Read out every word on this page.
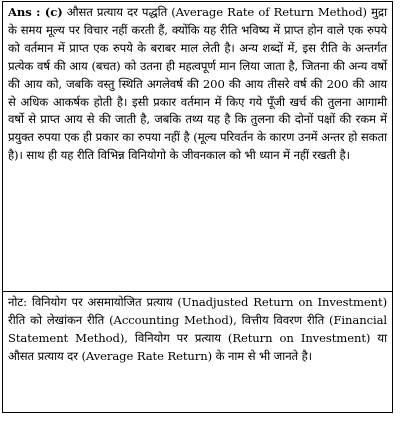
Ans : (c) औसत प्रत्याय दर पद्धति (Average Rate of Return Method) मुद्रा के समय मूल्य पर विचार नहीं करती हैं, क्योंकि यह रीति भविष्य में प्राप्त होन वाले एक रुपये को वर्तमान में प्राप्त एक रुपये के बराबर माल लेती है। अन्य शब्दों में, इस रीति के अन्तर्गत प्रत्येक वर्ष की आय (बचत) को उतना ही महत्वपूर्ण मान लिया जाता है, जितना की अन्य वर्षो की आय को, जबकि वस्तु स्थिति अगलेवर्ष की 200 की आय तीसरे वर्ष की 200 की आय से अधिक आकर्षक होती है। इसी प्रकार वर्तमान में किए गये पूँजी खर्च की तुलना आगामी वर्षो से प्राप्त आय से की जाती है, जबकि तथ्य यह है कि तुलना की दोनों पक्षों की रकम में प्रयुक्त रुपया एक ही प्रकार का रुपया नहीं है (मूल्य परिवर्तन के कारण उनमें अन्तर हो सकता है)। साथ ही यह रीति विभिन्न विनियोगो के जीवनकाल को भी ध्यान में नहीं रखती है।

नोट: विनियोग पर असमायोजित प्रत्याय (Unadjusted Return on Investment) रीति को लेखांकन रीति (Accounting Method), वित्तीय विवरण रीति (Financial Statement Method), विनियोग पर प्रत्याय (Return on Investment) या औसत प्रत्याय दर (Average Rate Return) के नाम से भी जानते है।
